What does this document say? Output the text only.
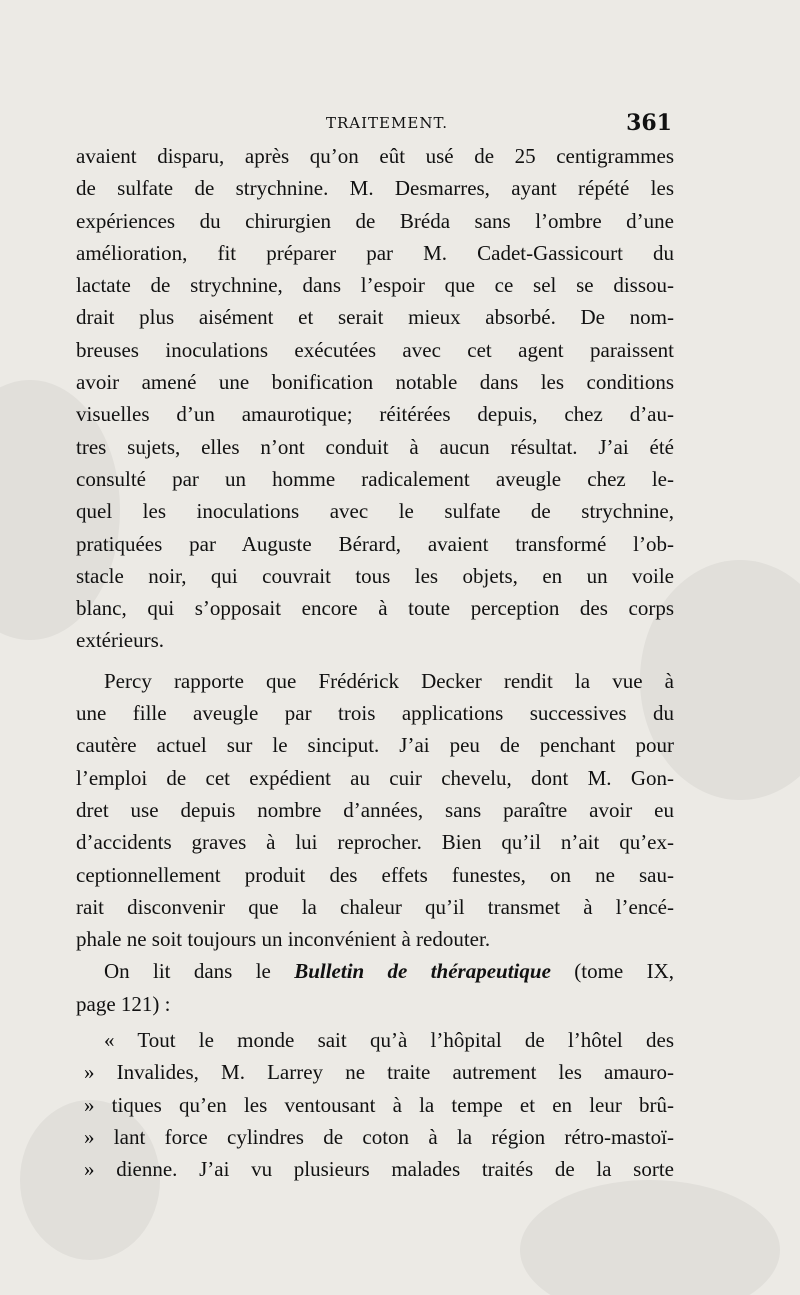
TRAITEMENT.	361
avaient disparu, après qu’on eût usé de 25 centigrammes
de sulfate de strychnine. M. Desmarres, ayant répété les
expériences du chirurgien de Bréda sans l’ombre d’une
amélioration, fit préparer par M. Cadet-Gassicourt du
lactate de strychnine, dans l’espoir que ce sel se dissou-
drait plus aisément et serait mieux absorbé. De nom-
breuses inoculations exécutées avec cet agent paraissent
avoir amené une bonification notable dans les conditions
visuelles d’un amaurotique; réitérées depuis, chez d’au-
tres sujets, elles n’ont conduit à aucun résultat. J’ai été
consulté par un homme radicalement aveugle chez le-
quel les inoculations avec le sulfate de strychnine,
pratiquées par Auguste Bérard, avaient transformé l’ob-
stacle noir, qui couvrait tous les objets, en un voile
blanc, qui s’opposait encore à toute perception des corps
extérieurs.
Percy rapporte que Frédérick Decker rendit la vue à
une fille aveugle par trois applications successives du
cautère actuel sur le sinciput. J’ai peu de penchant pour
l’emploi de cet expédient au cuir chevelu, dont M. Gon-
dret use depuis nombre d’années, sans paraître avoir eu
d’accidents graves à lui reprocher. Bien qu’il n’ait qu’ex-
ceptionnellement produit des effets funestes, on ne sau-
rait disconvenir que la chaleur qu’il transmet à l’encé-
phale ne soit toujours un inconvénient à redouter.
On lit dans le Bulletin de thérapeutique (tome IX,
page 121) :
« Tout le monde sait qu’à l’hôpital de l’hôtel des
» Invalides, M. Larrey ne traite autrement les amauro-
» tiques qu’en les ventousant à la tempe et en leur brû-
» lant force cylindres de coton à la région rétro-mastoï-
» dienne. J’ai vu plusieurs malades traités de la sorte
